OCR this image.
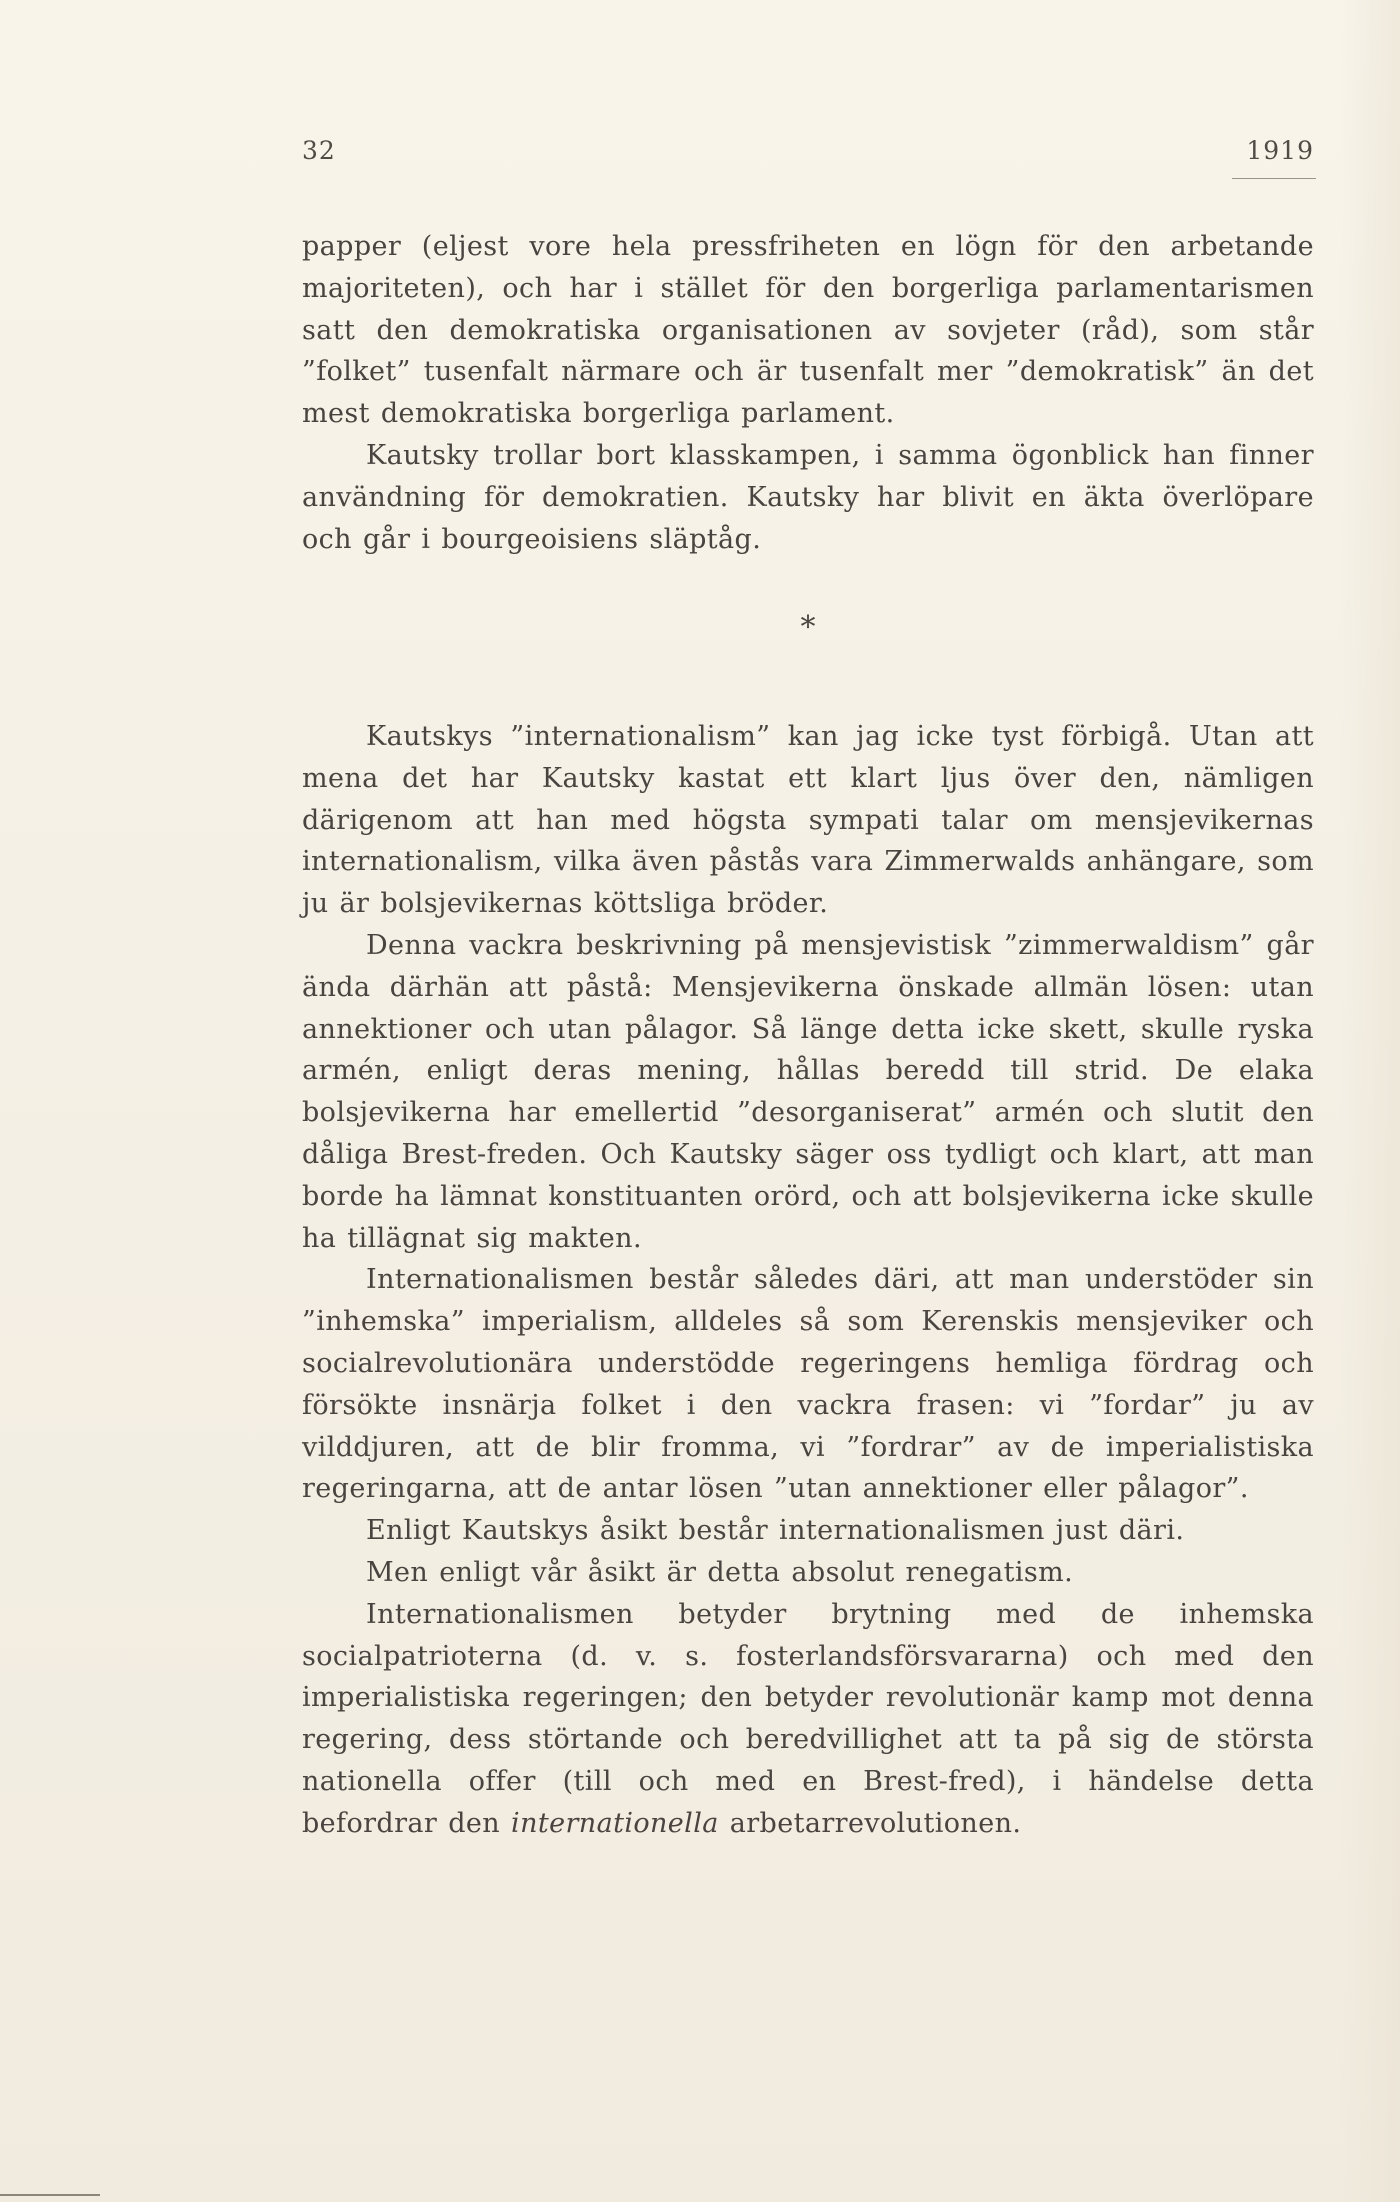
32	1919

papper (eljest vore hela pressfriheten en lögn för den arbetande majoriteten), och har i stället för den borgerliga parlamentarismen satt den demokratiska organisationen av sovjeter (råd), som står ”folket” tusenfalt närmare och är tusenfalt mer ”demokratisk” än det mest demokratiska borgerliga parlament.

Kautsky trollar bort klasskampen, i samma ögonblick han finner användning för demokratien. Kautsky har blivit en äkta överlöpare och går i bourgeoisiens släptåg.

*

Kautskys ”internationalism” kan jag icke tyst förbigå. Utan att mena det har Kautsky kastat ett klart ljus över den, nämligen därigenom att han med högsta sympati talar om mensjevikernas internationalism, vilka även påstås vara Zimmerwalds anhängare, som ju är bolsjevikernas köttsliga bröder.

Denna vackra beskrivning på mensjevistisk ”zimmerwaldism” går ända därhän att påstå: Mensjevikerna önskade allmän lösen: utan annektioner och utan pålagor. Så länge detta icke skett, skulle ryska armén, enligt deras mening, hållas beredd till strid. De elaka bolsjevikerna har emellertid ”desorganiserat” armén och slutit den dåliga Brest-freden. Och Kautsky säger oss tydligt och klart, att man borde ha lämnat konstituanten orörd, och att bolsjevikerna icke skulle ha tillägnat sig makten.

Internationalismen består således däri, att man understöder sin ”inhemska” imperialism, alldeles så som Kerenskis mensjeviker och socialrevolutionära understödde regeringens hemliga fördrag och försökte insnärja folket i den vackra frasen: vi ”fordar” ju av vilddjuren, att de blir fromma, vi ”fordrar” av de imperialistiska regeringarna, att de antar lösen ”utan annektioner eller pålagor”.

Enligt Kautskys åsikt består internationalismen just däri.

Men enligt vår åsikt är detta absolut renegatism.

Internationalismen betyder brytning med de inhemska socialpatrioterna (d. v. s. fosterlandsförsvararna) och med den imperialistiska regeringen; den betyder revolutionär kamp mot denna regering, dess störtande och beredvillighet att ta på sig de största nationella offer (till och med en Brest-fred), i händelse detta befordrar den internationella arbetarrevolutionen.
